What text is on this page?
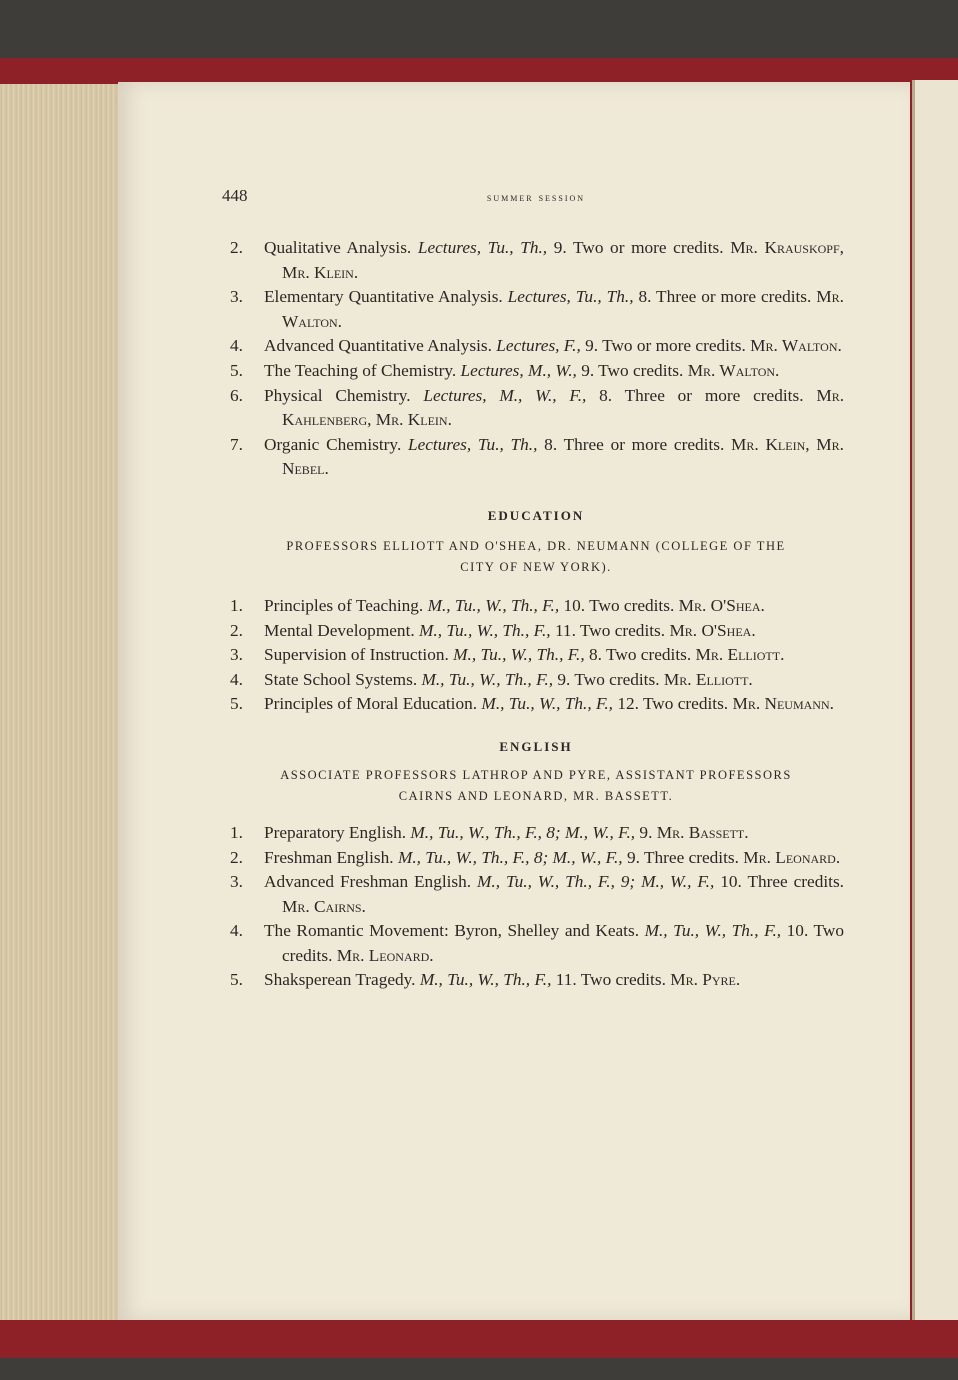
448	summer session
2. Qualitative Analysis. Lectures, Tu., Th., 9. Two or more credits. Mr. Krauskopf, Mr. Klein.
3. Elementary Quantitative Analysis. Lectures, Tu., Th., 8. Three or more credits. Mr. Walton.
4. Advanced Quantitative Analysis. Lectures, F., 9. Two or more credits. Mr. Walton.
5. The Teaching of Chemistry. Lectures, M., W., 9. Two credits. Mr. Walton.
6. Physical Chemistry. Lectures, M., W., F., 8. Three or more credits. Mr. Kahlenberg, Mr. Klein.
7. Organic Chemistry. Lectures, Tu., Th., 8. Three or more credits. Mr. Klein, Mr. Nebel.

EDUCATION

PROFESSORS ELLIOTT AND O'SHEA, DR. NEUMANN (COLLEGE OF THE

CITY OF NEW YORK).

1. Principles of Teaching. M., Tu., W., Th., F., 10. Two credits. Mr. O'Shea.
2. Mental Development. M., Tu., W., Th., F., 11. Two credits. Mr. O'Shea.
3. Supervision of Instruction. M., Tu., W., Th., F., 8. Two credits. Mr. Elliott.
4. State School Systems. M., Tu., W., Th., F., 9. Two credits. Mr. Elliott.
5. Principles of Moral Education. M., Tu., W., Th., F., 12. Two credits. Mr. Neumann.

ENGLISH

ASSOCIATE PROFESSORS LATHROP AND PYRE, ASSISTANT PROFESSORS

CAIRNS AND LEONARD, MR. BASSETT.

1. Preparatory English. M., Tu., W., Th., F., 8; M., W., F., 9. Mr. Bassett.
2. Freshman English. M., Tu., W., Th., F., 8; M., W., F., 9. Three credits. Mr. Leonard.
3. Advanced Freshman English. M., Tu., W., Th., F., 9; M., W., F., 10. Three credits. Mr. Cairns.
4. The Romantic Movement: Byron, Shelley and Keats. M., Tu., W., Th., F., 10. Two credits. Mr. Leonard.
5. Shaksperean Tragedy. M., Tu., W., Th., F., 11. Two credits. Mr. Pyre.
